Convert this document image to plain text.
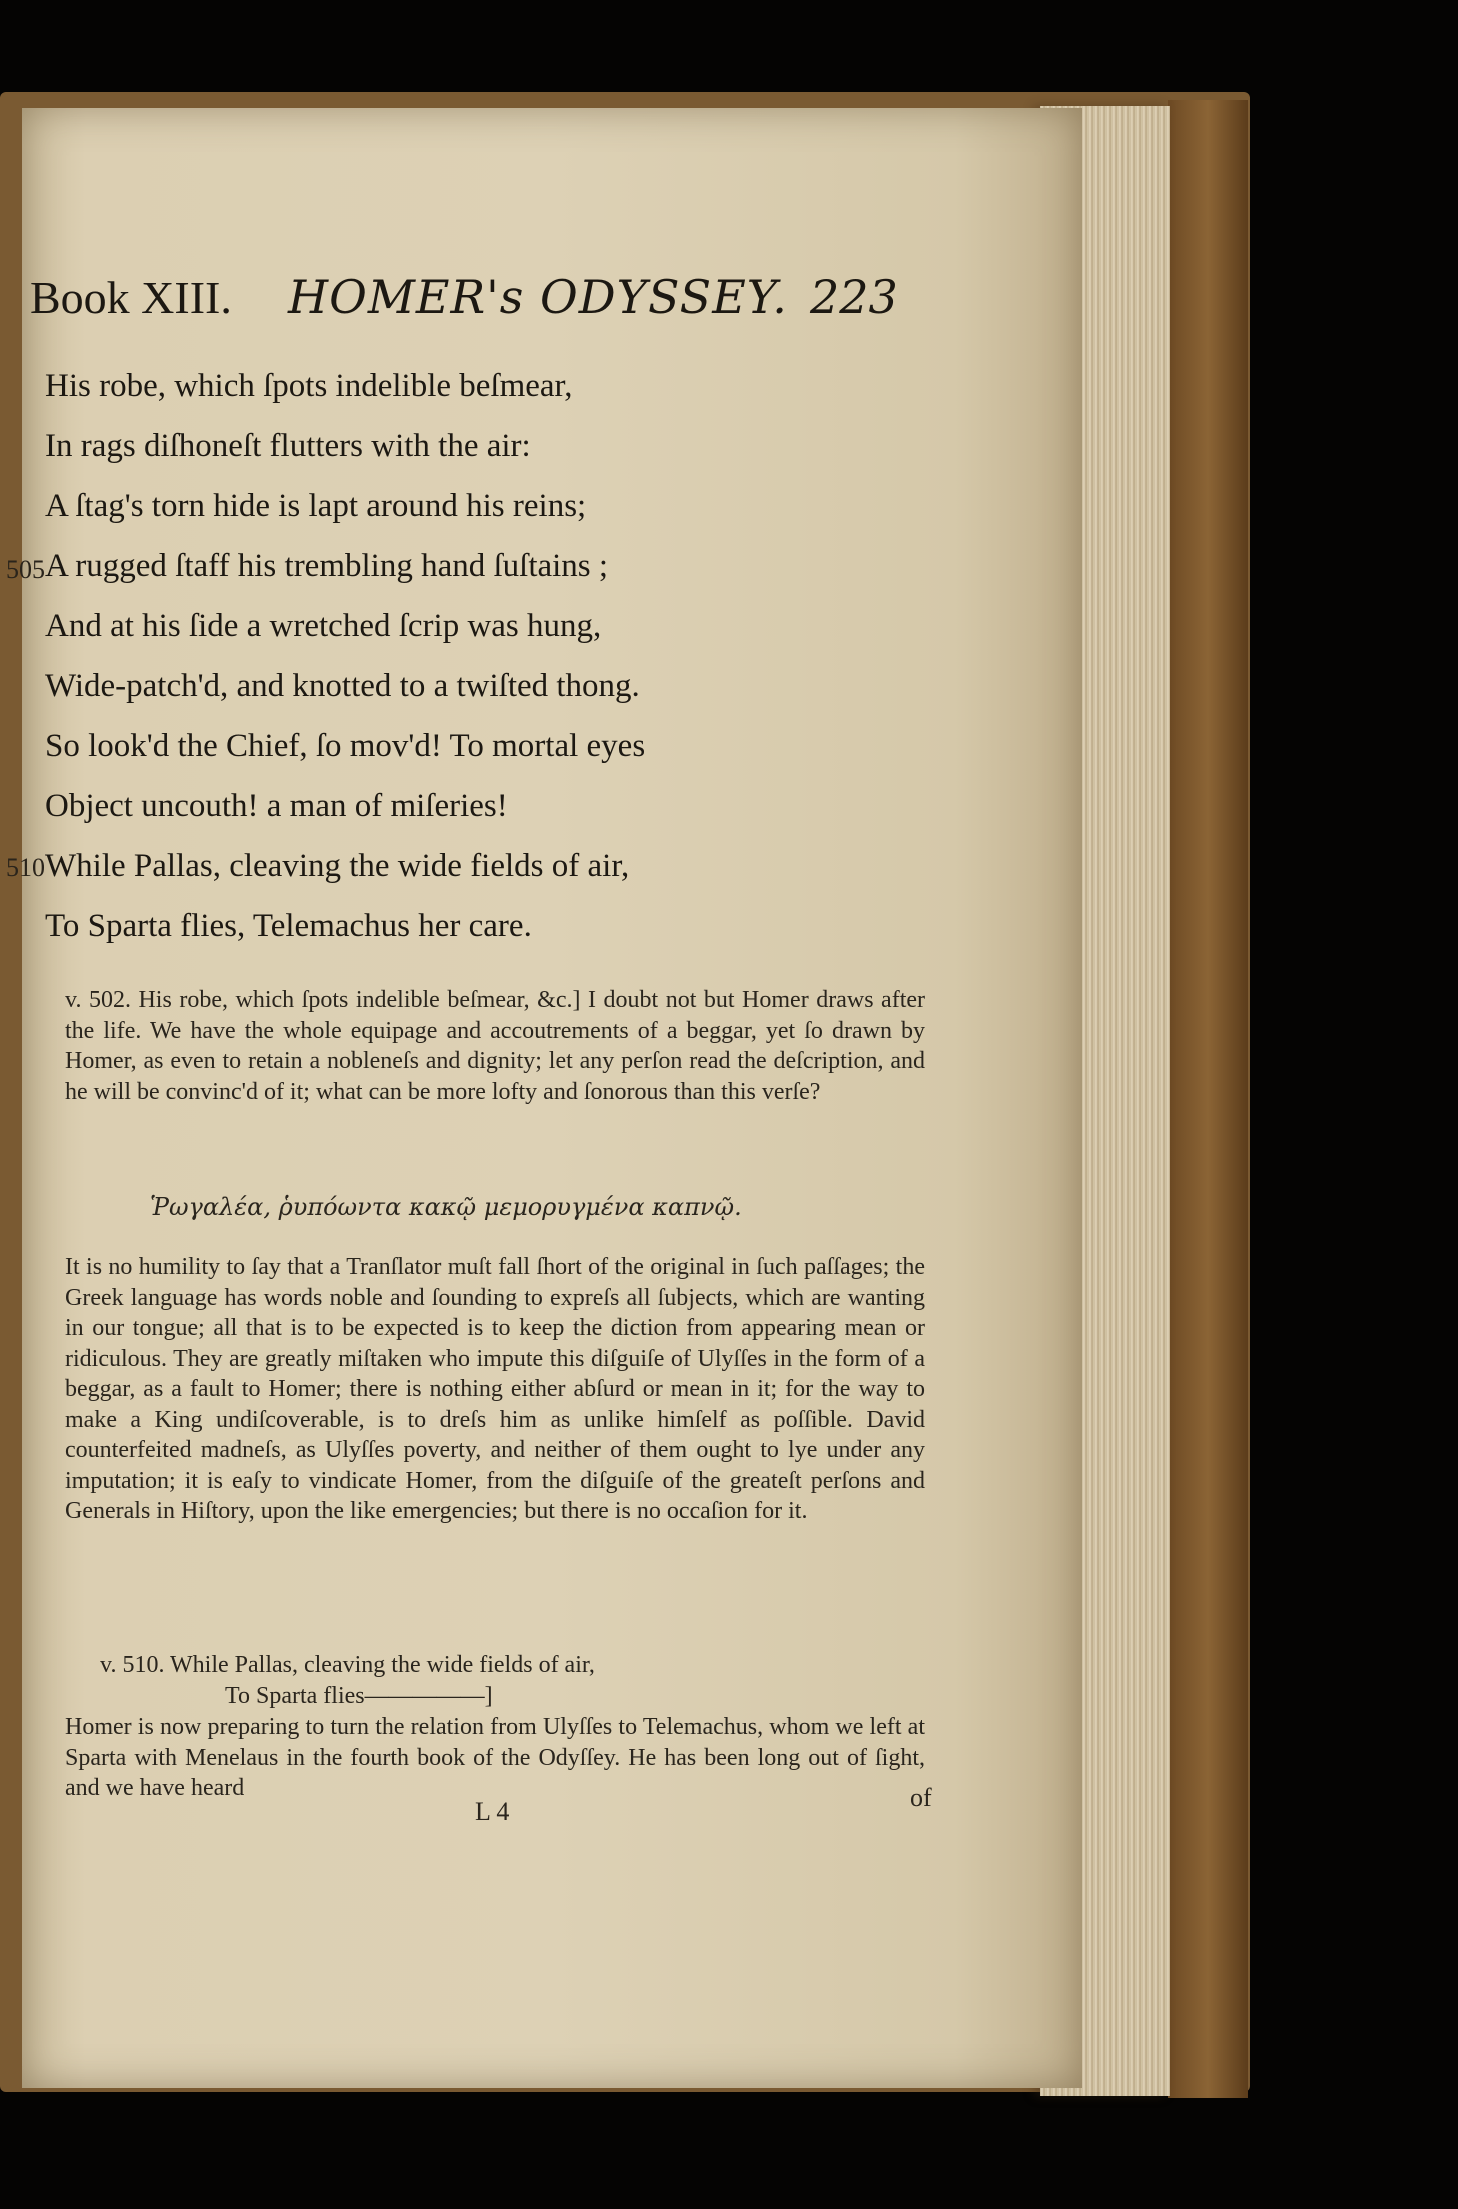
Book XIII. HOMER's ODYSSEY. 223
His robe, which ſpots indelible beſmear,
In rags diſhoneſt flutters with the air:
A ſtag's torn hide is lapt around his reins;
A rugged ſtaff his trembling hand ſuſtains ;
And at his ſide a wretched ſcrip was hung,
Wide-patch'd, and knotted to a twiſted thong.
So look'd the Chief, ſo mov'd! To mortal eyes
Object uncouth! a man of miſeries!
While Pallas, cleaving the wide fields of air,
To Sparta flies, Telemachus her care.
505
510
v. 502. His robe, which ſpots indelible beſmear, &c.] I doubt not but Homer draws after the life. We have the whole equipage and accoutrements of a beggar, yet ſo drawn by Homer, as even to retain a nobleneſs and dignity; let any perſon read the deſcription, and he will be convinc'd of it; what can be more lofty and ſonorous than this verſe?
Ῥωγαλέα, ῥυπόωντα κακῷ μεμορυγμένα καπνῷ.
It is no humility to ſay that a Tranſlator muſt fall ſhort of the original in ſuch paſſages; the Greek language has words noble and ſounding to expreſs all ſubjects, which are wanting in our tongue; all that is to be expected is to keep the diction from appearing mean or ridiculous. They are greatly miſtaken who impute this diſguiſe of Ulyſſes in the form of a beggar, as a fault to Homer; there is nothing either abſurd or mean in it; for the way to make a King undiſcoverable, is to dreſs him as unlike himſelf as poſſible. David counterfeited madneſs, as Ulyſſes poverty, and neither of them ought to lye under any imputation; it is eaſy to vindicate Homer, from the diſguiſe of the greateſt perſons and Generals in Hiſtory, upon the like emergencies; but there is no occaſion for it.
v. 510. While Pallas, cleaving the wide fields of air,
To Sparta flies—————]
Homer is now preparing to turn the relation from Ulyſſes to Telemachus, whom we left at Sparta with Menelaus in the fourth book of the Odyſſey. He has been long out of ſight, and we have heard
L 4	of
